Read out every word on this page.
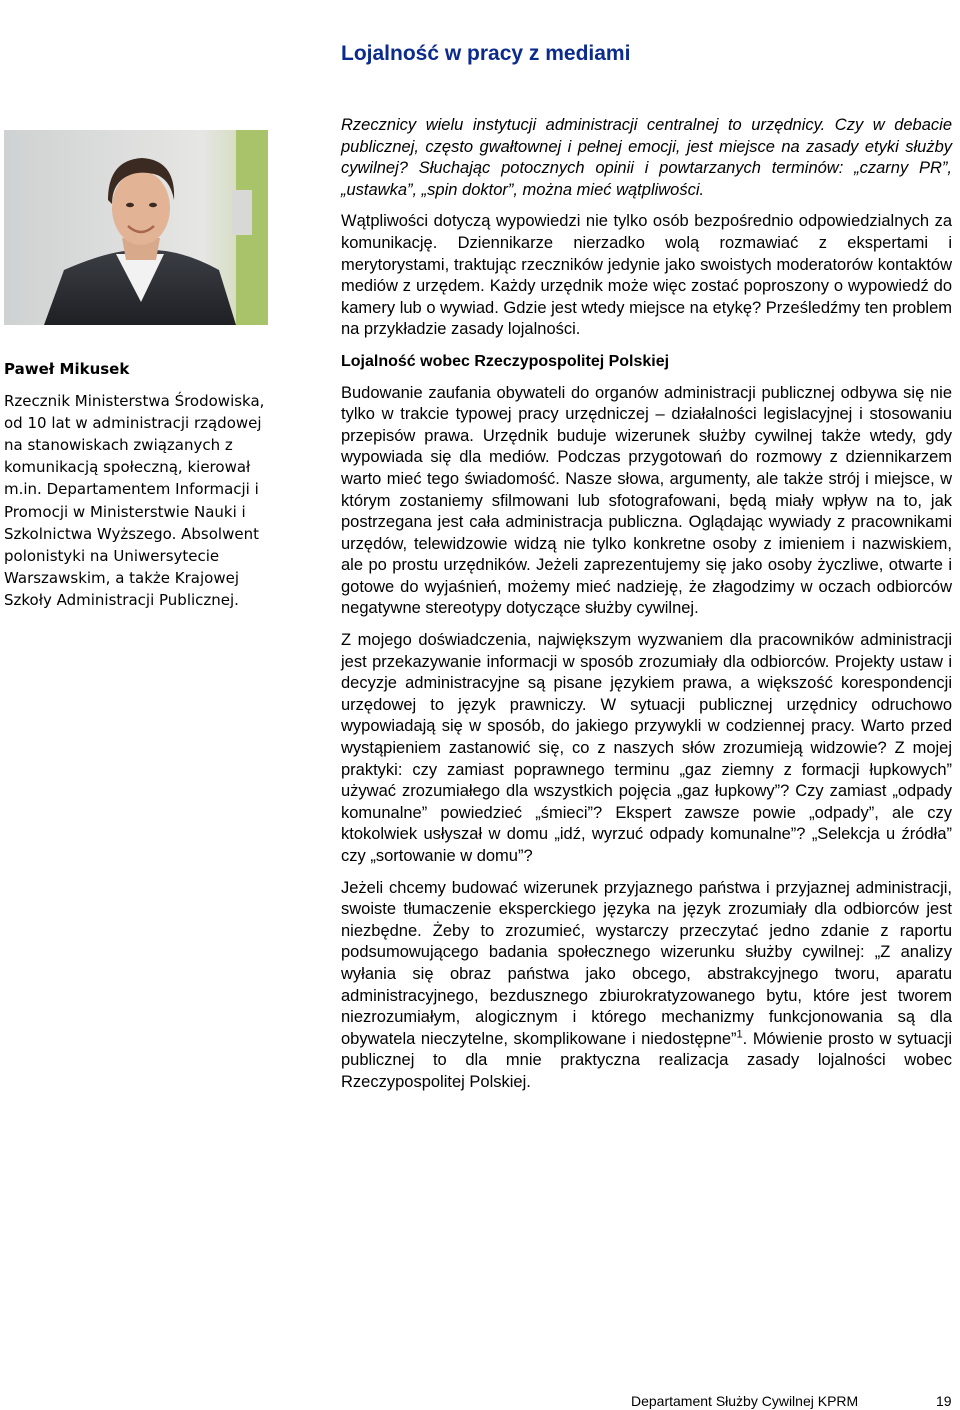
Lojalność w pracy z mediami

Paweł Mikusek

Rzecznik Ministerstwa Środowiska, od 10 lat w administracji rządowej na stanowiskach związanych z komunikacją społeczną, kierował m.in. Departamentem Informacji i Promocji w Ministerstwie Nauki i Szkolnictwa Wyższego. Absolwent polonistyki na Uniwersytecie Warszawskim, a także Krajowej Szkoły Administracji Publicznej.

Rzecznicy wielu instytucji administracji centralnej to urzędnicy. Czy w debacie publicznej, często gwałtownej i pełnej emocji, jest miejsce na zasady etyki służby cywilnej? Słuchając potocznych opinii i powtarzanych terminów: „czarny PR”, „ustawka”, „spin doktor”, można mieć wątpliwości.

Wątpliwości dotyczą wypowiedzi nie tylko osób bezpośrednio odpowiedzialnych za komunikację. Dziennikarze nierzadko wolą rozmawiać z ekspertami i merytorystami, traktując rzeczników jedynie jako swoistych moderatorów kontaktów mediów z urzędem. Każdy urzędnik może więc zostać poproszony o wypowiedź do kamery lub o wywiad. Gdzie jest wtedy miejsce na etykę? Prześledźmy ten problem na przykładzie zasady lojalności.

Lojalność wobec Rzeczypospolitej Polskiej

Budowanie zaufania obywateli do organów administracji publicznej odbywa się nie tylko w trakcie typowej pracy urzędniczej – działalności legislacyjnej i stosowaniu przepisów prawa. Urzędnik buduje wizerunek służby cywilnej także wtedy, gdy wypowiada się dla mediów. Podczas przygotowań do rozmowy z dziennikarzem warto mieć tego świadomość. Nasze słowa, argumenty, ale także strój i miejsce, w którym zostaniemy sfilmowani lub sfotografowani, będą miały wpływ na to, jak postrzegana jest cała administracja publiczna. Oglądając wywiady z pracownikami urzędów, telewidzowie widzą nie tylko konkretne osoby z imieniem i nazwiskiem, ale po prostu urzędników. Jeżeli zaprezentujemy się jako osoby życzliwe, otwarte i gotowe do wyjaśnień, możemy mieć nadzieję, że złagodzimy w oczach odbiorców negatywne stereotypy dotyczące służby cywilnej.

Z mojego doświadczenia, największym wyzwaniem dla pracowników administracji jest przekazywanie informacji w sposób zrozumiały dla odbiorców. Projekty ustaw i decyzje administracyjne są pisane językiem prawa, a większość korespondencji urzędowej to język prawniczy. W sytuacji publicznej urzędnicy odruchowo wypowiadają się w sposób, do jakiego przywykli w codziennej pracy. Warto przed wystąpieniem zastanowić się, co z naszych słów zrozumieją widzowie? Z mojej praktyki: czy zamiast poprawnego terminu „gaz ziemny z formacji łupkowych” używać zrozumiałego dla wszystkich pojęcia „gaz łupkowy”? Czy zamiast „odpady komunalne” powiedzieć „śmieci”? Ekspert zawsze powie „odpady”, ale czy ktokolwiek usłyszał w domu „idź, wyrzuć odpady komunalne”? „Selekcja u źródła” czy „sortowanie w domu”?

Jeżeli chcemy budować wizerunek przyjaznego państwa i przyjaznej administracji, swoiste tłumaczenie eksperckiego języka na język zrozumiały dla odbiorców jest niezbędne. Żeby to zrozumieć, wystarczy przeczytać jedno zdanie z raportu podsumowującego badania społecznego wizerunku służby cywilnej: „Z analizy wyłania się obraz państwa jako obcego, abstrakcyjnego tworu, aparatu administracyjnego, bezdusznego zbiurokratyzowanego bytu, które jest tworem niezrozumiałym, alogicznym i którego mechanizmy funkcjonowania są dla obywatela nieczytelne, skomplikowane i niedostępne”$^1$. Mówienie prosto w sytuacji publicznej to dla mnie praktyczna realizacja zasady lojalności wobec Rzeczypospolitej Polskiej.

Departament Służby Cywilnej KPRM	19
